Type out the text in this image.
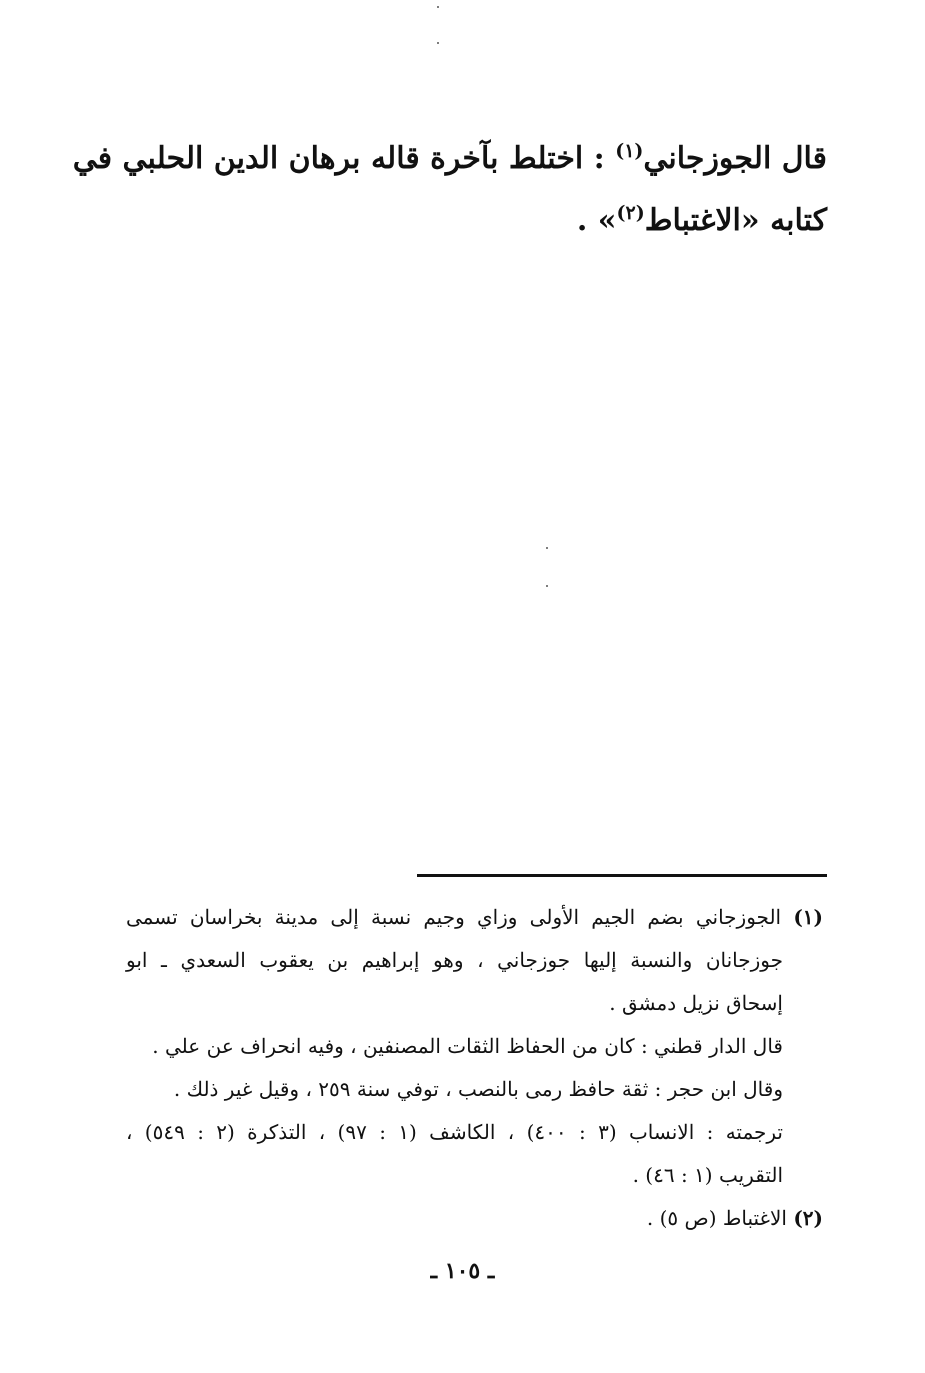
قال الجوزجاني$^{(١)}$ : اختلط بآخرة قاله برهان الدين الحلبي في
كتابه «الاغتباط$^{(٢)}$» .
(١) الجوزجاني بضم الجيم الأولى وزاي وجيم نسبة إلى مدينة بخراسان تسمى
جوزجانان والنسبة إليها جوزجاني ، وهو إبراهيم بن يعقوب السعدي ـ ابو
إسحاق نزيل دمشق .
قال الدار قطني : كان من الحفاظ الثقات المصنفين ، وفيه انحراف عن علي .
وقال ابن حجر : ثقة حافظ رمى بالنصب ، توفي سنة ٢٥٩ ، وقيل غير ذلك .
ترجمته : الانساب (٣ : ٤٠٠) ، الكاشف (١ : ٩٧) ، التذكرة (٢ : ٥٤٩) ،
التقريب (١ : ٤٦) .
(٢) الاغتباط (ص ٥) .
ـ ١٠٥ ـ
